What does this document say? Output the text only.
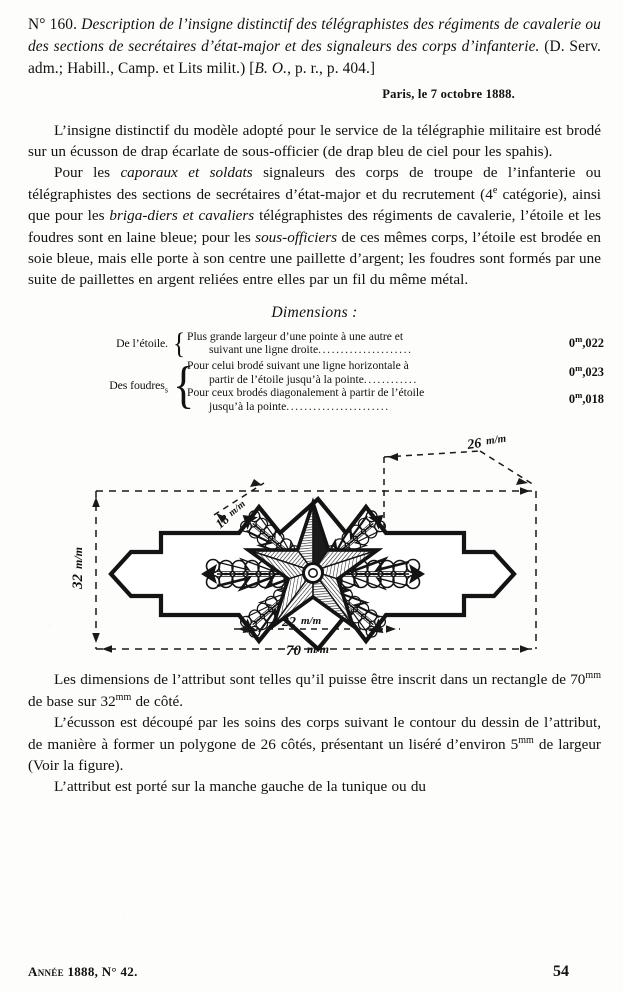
N° 160. Description de l’insigne distinctif des télégraphistes des régiments de cavalerie ou des sections de secrétaires d’état-major et des signaleurs des corps d’infanterie. (D. Serv. adm.; Habill., Camp. et Lits milit.) [B. O., p. r., p. 404.]

Paris, le 7 octobre 1888.

L’insigne distinctif du modèle adopté pour le service de la télégraphie militaire est brodé sur un écusson de drap écarlate de sous-officier (de drap bleu de ciel pour les spahis).

Pour les caporaux et soldats signaleurs des corps de troupe de l’infanterie ou télégraphistes des sections de secrétaires d’état-major et du recrutement (4e catégorie), ainsi que pour les briga-diers et cavaliers télégraphistes des régiments de cavalerie, l’étoile et les foudres sont en laine bleue; pour les sous-officiers de ces mêmes corps, l’étoile est brodée en soie bleue, mais elle porte à son centre une paillette d’argent; les foudres sont formés par une suite de paillettes en argent reliées entre elles par un fil du même métal.

Dimensions :
De l’étoile. { Plus grande largeur d’une pointe à une autre et
suivant une ligne droite.....................
0$^m$,022
Des foudres$_s$ {
Pour celui brodé suivant une ligne horizontale à
partir de l’étoile jusqu’à la pointe............
0$^m$,023
Pour ceux brodés diagonalement à partir de l’étoile
jusqu’à la pointe.......................
0$^m$,018
32
m/m
70 m/m
22 m/m
18
m/m
26 m/m

Les dimensions de l’attribut sont telles qu’il puisse être inscrit dans un rectangle de $70^{mm}$ de base sur $32^{mm}$ de côté.

L’écusson est découpé par les soins des corps suivant le contour du dessin de l’attribut, de manière à former un polygone de 26 côtés, présentant un liséré d’environ $5^{mm}$ de largeur (Voir la figure).

L’attribut est porté sur la manche gauche de la tunique ou du

Année 1888, N° 42.	54
